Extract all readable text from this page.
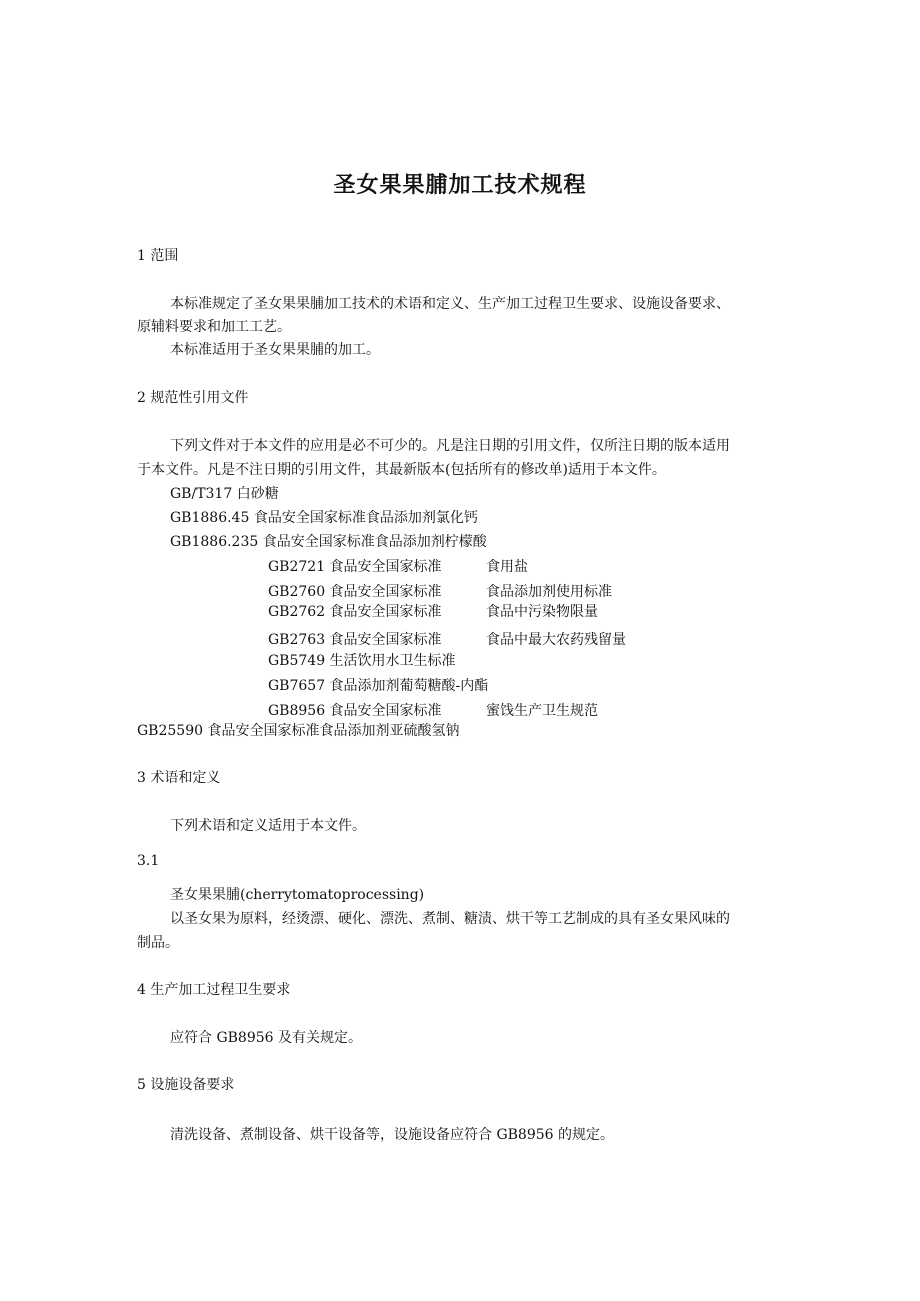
圣女果果脯加工技术规程
1 范围
本标准规定了圣女果果脯加工技术的术语和定义、生产加工过程卫生要求、设施设备要求、
原辅料要求和加工工艺。
本标准适用于圣女果果脯的加工。
2 规范性引用文件
下列文件对于本文件的应用是必不可少的。凡是注日期的引用文件，仅所注日期的版本适用
于本文件。凡是不注日期的引用文件，其最新版本(包括所有的修改单)适用于本文件。
GB/T317 白砂糖
GB1886.45 食品安全国家标准食品添加剂氯化钙
GB1886.235 食品安全国家标准食品添加剂柠檬酸
GB2721 食品安全国家标准	食用盐
GB2760 食品安全国家标准	食品添加剂使用标准
GB2762 食品安全国家标准	食品中污染物限量
GB2763 食品安全国家标准	食品中最大农药残留量
GB5749 生活饮用水卫生标准
GB7657 食品添加剂葡萄糖酸-内酯
GB8956 食品安全国家标准	蜜饯生产卫生规范
GB25590 食品安全国家标准食品添加剂亚硫酸氢钠
3 术语和定义
下列术语和定义适用于本文件。
3.1
圣女果果脯(cherrytomatoprocessing)
以圣女果为原料，经烫漂、硬化、漂洗、煮制、糖渍、烘干等工艺制成的具有圣女果风味的
制品。
4 生产加工过程卫生要求
应符合 GB8956 及有关规定。
5 设施设备要求
清洗设备、煮制设备、烘干设备等，设施设备应符合 GB8956 的规定。
